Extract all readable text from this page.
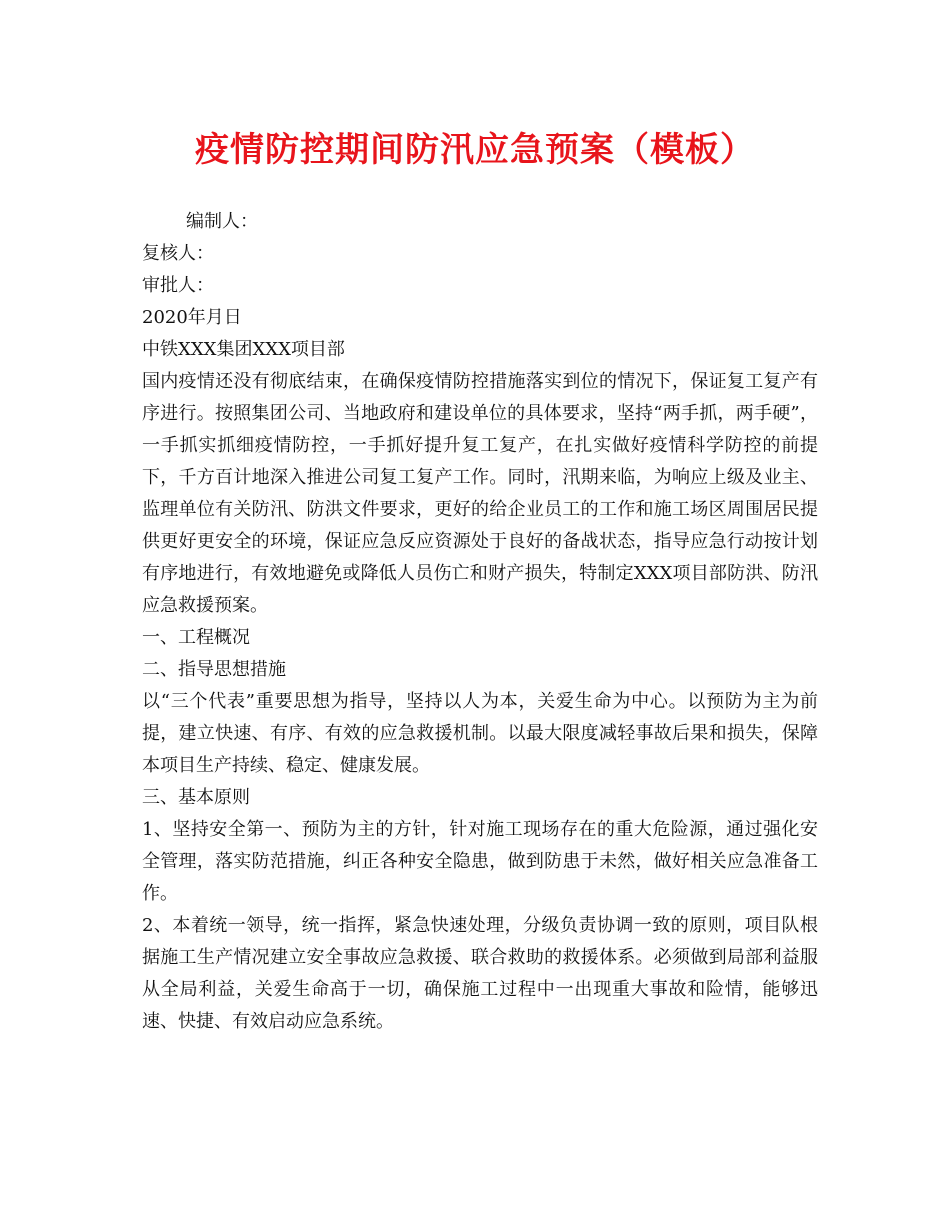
疫情防控期间防汛应急预案（模板）

编制人：

复核人：

审批人：

2020年月日

中铁XXX集团XXX项目部

国内疫情还没有彻底结束，在确保疫情防控措施落实到位的情况下，保证复工复产有序进行。按照集团公司、当地政府和建设单位的具体要求，坚持“两手抓，两手硬”，一手抓实抓细疫情防控，一手抓好提升复工复产，在扎实做好疫情科学防控的前提下，千方百计地深入推进公司复工复产工作。同时，汛期来临，为响应上级及业主、监理单位有关防汛、防洪文件要求，更好的给企业员工的工作和施工场区周围居民提供更好更安全的环境，保证应急反应资源处于良好的备战状态，指导应急行动按计划有序地进行，有效地避免或降低人员伤亡和财产损失，特制定XXX项目部防洪、防汛应急救援预案。

一、工程概况

二、指导思想措施

以“三个代表”重要思想为指导，坚持以人为本，关爱生命为中心。以预防为主为前提，建立快速、有序、有效的应急救援机制。以最大限度减轻事故后果和损失，保障本项目生产持续、稳定、健康发展。

三、基本原则

1、坚持安全第一、预防为主的方针，针对施工现场存在的重大危险源，通过强化安全管理，落实防范措施，纠正各种安全隐患，做到防患于未然，做好相关应急准备工作。

2、本着统一领导，统一指挥，紧急快速处理，分级负责协调一致的原则，项目队根据施工生产情况建立安全事故应急救援、联合救助的救援体系。必须做到局部利益服从全局利益，关爱生命高于一切，确保施工过程中一出现重大事故和险情，能够迅速、快捷、有效启动应急系统。
